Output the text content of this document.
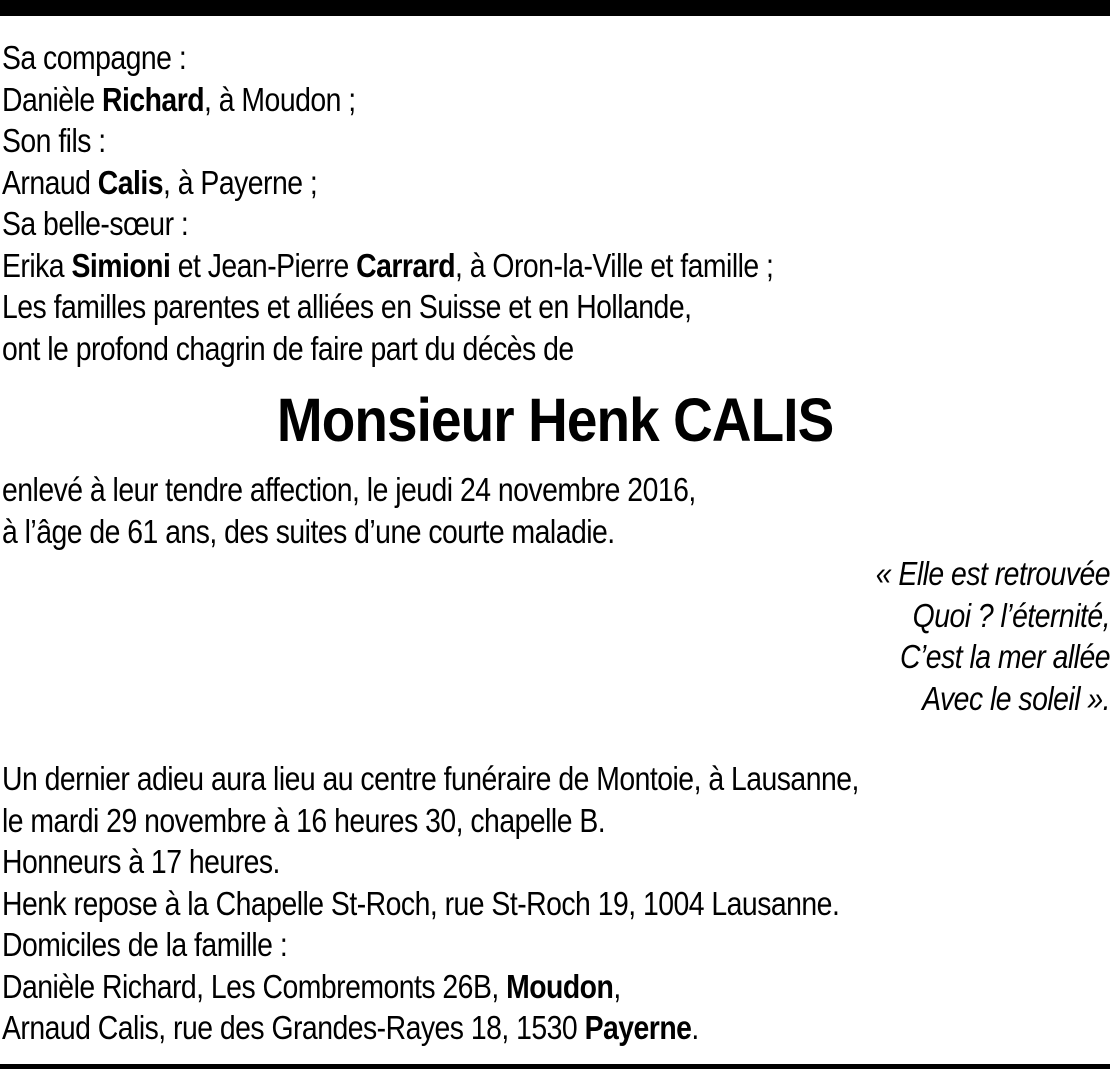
Sa compagne :
Danièle Richard, à Moudon ;
Son fils :
Arnaud Calis, à Payerne ;
Sa belle-sœur :
Erika Simioni et Jean-Pierre Carrard, à Oron-la-Ville et famille ;
Les familles parentes et alliées en Suisse et en Hollande,
ont le profond chagrin de faire part du décès de
Monsieur Henk CALIS
enlevé à leur tendre affection, le jeudi 24 novembre 2016,
à l’âge de 61 ans, des suites d’une courte maladie.
« Elle est retrouvée
Quoi ? l’éternité,
C’est la mer allée
Avec le soleil ».
Un dernier adieu aura lieu au centre funéraire de Montoie, à Lausanne,
le mardi 29 novembre à 16 heures 30, chapelle B.
Honneurs à 17 heures.
Henk repose à la Chapelle St-Roch, rue St-Roch 19, 1004 Lausanne.
Domiciles de la famille :
Danièle Richard, Les Combremonts 26B, Moudon,
Arnaud Calis, rue des Grandes-Rayes 18, 1530 Payerne.
